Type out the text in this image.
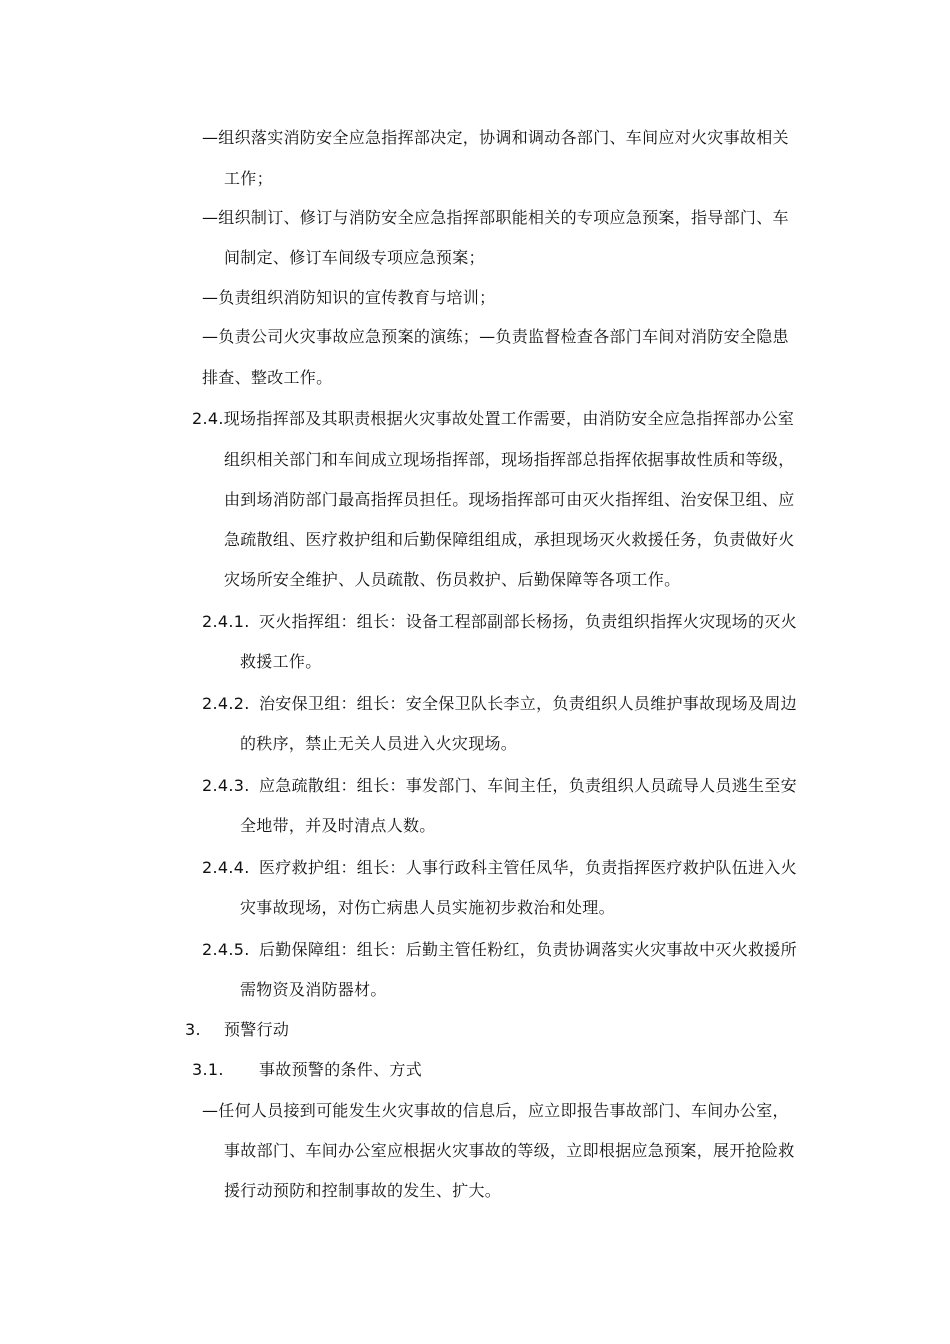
—组织落实消防安全应急指挥部决定，协调和调动各部门、车间应对火灾事故相关
工作；
—组织制订、修订与消防安全应急指挥部职能相关的专项应急预案，指导部门、车
间制定、修订车间级专项应急预案；
—负责组织消防知识的宣传教育与培训；
—负责公司火灾事故应急预案的演练；—负责监督检查各部门车间对消防安全隐患
排查、整改工作。
2.4.现场指挥部及其职责根据火灾事故处置工作需要，由消防安全应急指挥部办公室
组织相关部门和车间成立现场指挥部，现场指挥部总指挥依据事故性质和等级，
由到场消防部门最高指挥员担任。现场指挥部可由灭火指挥组、治安保卫组、应
急疏散组、医疗救护组和后勤保障组组成，承担现场灭火救援任务，负责做好火
灾场所安全维护、人员疏散、伤员救护、后勤保障等各项工作。
2.4.1. 灭火指挥组：组长：设备工程部副部长杨扬，负责组织指挥火灾现场的灭火
救援工作。
2.4.2. 治安保卫组：组长：安全保卫队长李立，负责组织人员维护事故现场及周边
的秩序，禁止无关人员进入火灾现场。
2.4.3. 应急疏散组：组长：事发部门、车间主任，负责组织人员疏导人员逃生至安
全地带，并及时清点人数。
2.4.4. 医疗救护组：组长：人事行政科主管任凤华，负责指挥医疗救护队伍进入火
灾事故现场，对伤亡病患人员实施初步救治和处理。
2.4.5. 后勤保障组：组长：后勤主管任粉红，负责协调落实火灾事故中灭火救援所
需物资及消防器材。
3. 预警行动
3.1. 事故预警的条件、方式
—任何人员接到可能发生火灾事故的信息后，应立即报告事故部门、车间办公室，
事故部门、车间办公室应根据火灾事故的等级，立即根据应急预案，展开抢险救
援行动预防和控制事故的发生、扩大。
